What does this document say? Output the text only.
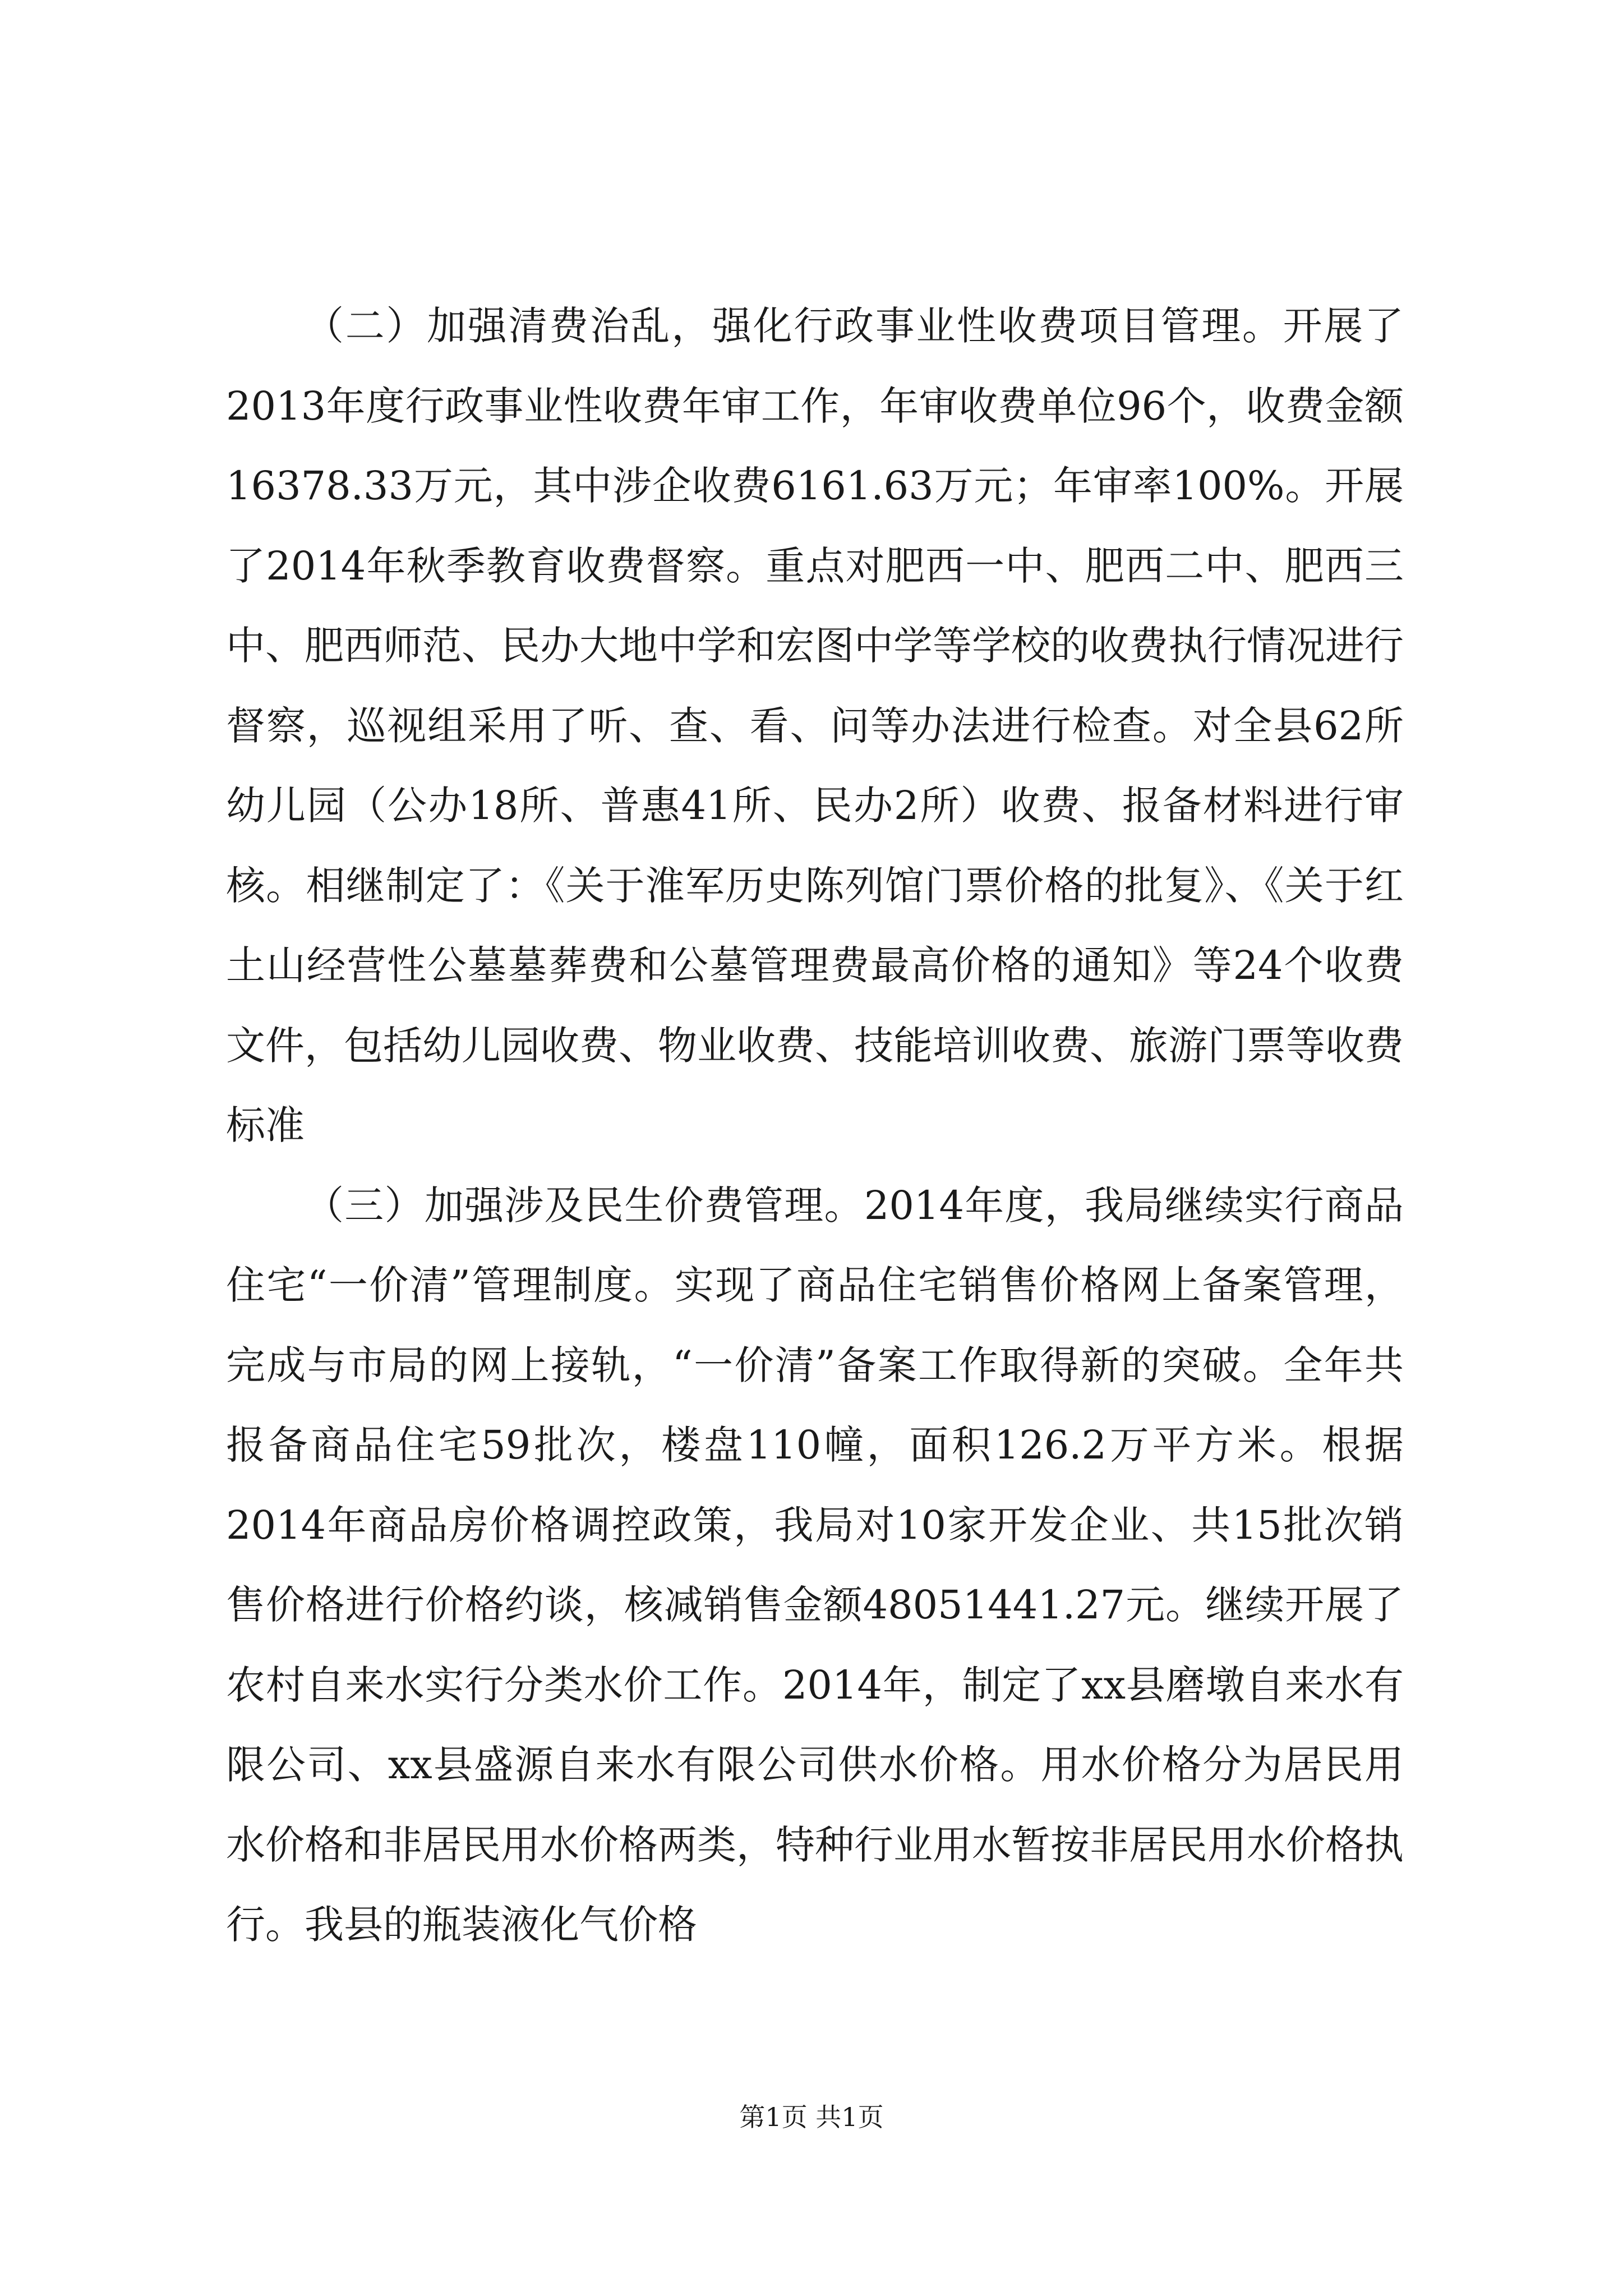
（二）加强清费治乱，强化行政事业性收费项目管理。开展了2013年度行政事业性收费年审工作，年审收费单位96个，收费金额16378.33万元，其中涉企收费6161.63万元；年审率100%。开展了2014年秋季教育收费督察。重点对肥西一中、肥西二中、肥西三中、肥西师范、民办大地中学和宏图中学等学校的收费执行情况进行督察，巡视组采用了听、查、看、问等办法进行检查。对全县62所幼儿园（公办18所、普惠41所、民办2所）收费、报备材料进行审核。相继制定了：《关于淮军历史陈列馆门票价格的批复》、《关于红土山经营性公墓墓葬费和公墓管理费最高价格的通知》等24个收费文件，包括幼儿园收费、物业收费、技能培训收费、旅游门票等收费标准

（三）加强涉及民生价费管理。2014年度，我局继续实行商品住宅“一价清”管理制度。实现了商品住宅销售价格网上备案管理，完成与市局的网上接轨，“一价清”备案工作取得新的突破。全年共报备商品住宅59批次，楼盘110幢，面积126.2万平方米。根据2014年商品房价格调控政策，我局对10家开发企业、共15批次销售价格进行价格约谈，核减销售金额48051441.27元。继续开展了农村自来水实行分类水价工作。2014年，制定了xx县磨墩自来水有限公司、xx县盛源自来水有限公司供水价格。用水价格分为居民用水价格和非居民用水价格两类，特种行业用水暂按非居民用水价格执行。我县的瓶装液化气价格

第1页 共1页
